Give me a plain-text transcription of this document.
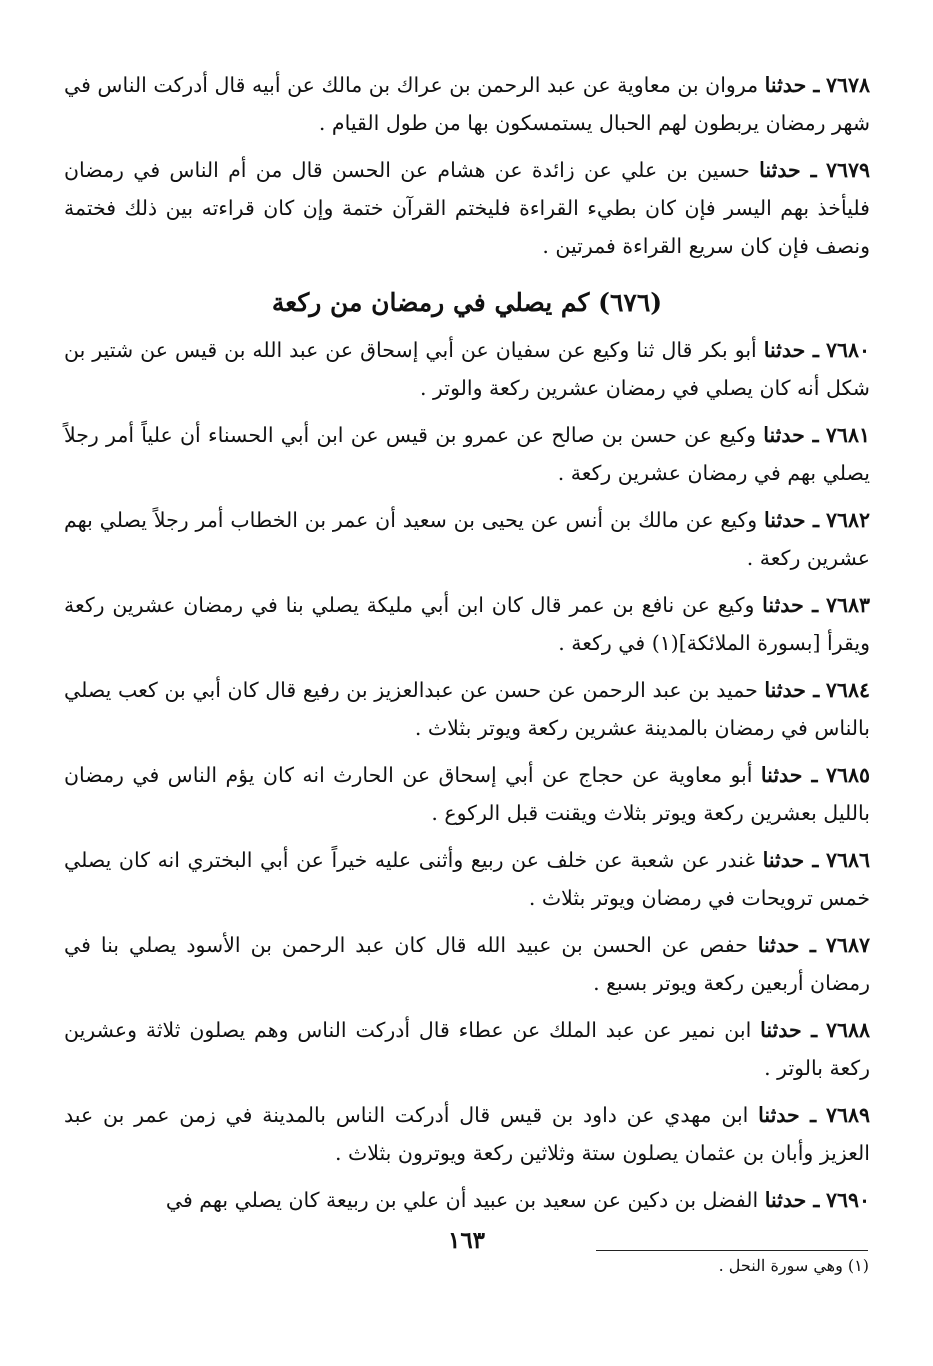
٧٦٧٨ ـ حدثنا مروان بن معاوية عن عبد الرحمن بن عراك بن مالك عن أبيه قال أدركت الناس في شهر رمضان يربطون لهم الحبال يستمسكون بها من طول القيام .

٧٦٧٩ ـ حدثنا حسين بن علي عن زائدة عن هشام عن الحسن قال من أم الناس في رمضان فليأخذ بهم اليسر فإن كان بطيء القراءة فليختم القرآن ختمة وإن كان قراءته بين ذلك فختمة ونصف فإن كان سريع القراءة فمرتين .

(٦٧٦) كم يصلي في رمضان من ركعة

٧٦٨٠ ـ حدثنا أبو بكر قال ثنا وكيع عن سفيان عن أبي إسحاق عن عبد الله بن قيس عن شتير بن شكل أنه كان يصلي في رمضان عشرين ركعة والوتر .

٧٦٨١ ـ حدثنا وكيع عن حسن بن صالح عن عمرو بن قيس عن ابن أبي الحسناء أن علياً أمر رجلاً يصلي بهم في رمضان عشرين ركعة .

٧٦٨٢ ـ حدثنا وكيع عن مالك بن أنس عن يحيى بن سعيد أن عمر بن الخطاب أمر رجلاً يصلي بهم عشرين ركعة .

٧٦٨٣ ـ حدثنا وكيع عن نافع بن عمر قال كان ابن أبي مليكة يصلي بنا في رمضان عشرين ركعة ويقرأ [بسورة الملائكة](١) في ركعة .

٧٦٨٤ ـ حدثنا حميد بن عبد الرحمن عن حسن عن عبدالعزيز بن رفيع قال كان أبي بن كعب يصلي بالناس في رمضان بالمدينة عشرين ركعة ويوتر بثلاث .

٧٦٨٥ ـ حدثنا أبو معاوية عن حجاج عن أبي إسحاق عن الحارث انه كان يؤم الناس في رمضان بالليل بعشرين ركعة ويوتر بثلاث ويقنت قبل الركوع .

٧٦٨٦ ـ حدثنا غندر عن شعبة عن خلف عن ربيع وأثنى عليه خيراً عن أبي البختري انه كان يصلي خمس ترويحات في رمضان ويوتر بثلاث .

٧٦٨٧ ـ حدثنا حفص عن الحسن بن عبيد الله قال كان عبد الرحمن بن الأسود يصلي بنا في رمضان أربعين ركعة ويوتر بسبع .

٧٦٨٨ ـ حدثنا ابن نمير عن عبد الملك عن عطاء قال أدركت الناس وهم يصلون ثلاثة وعشرين ركعة بالوتر .

٧٦٨٩ ـ حدثنا ابن مهدي عن داود بن قيس قال أدركت الناس بالمدينة في زمن عمر بن عبد العزيز وأبان بن عثمان يصلون ستة وثلاثين ركعة ويوترون بثلاث .

٧٦٩٠ ـ حدثنا الفضل بن دكين عن سعيد بن عبيد أن علي بن ربيعة كان يصلي بهم في

١٦٣
(١) وهي سورة النحل .
